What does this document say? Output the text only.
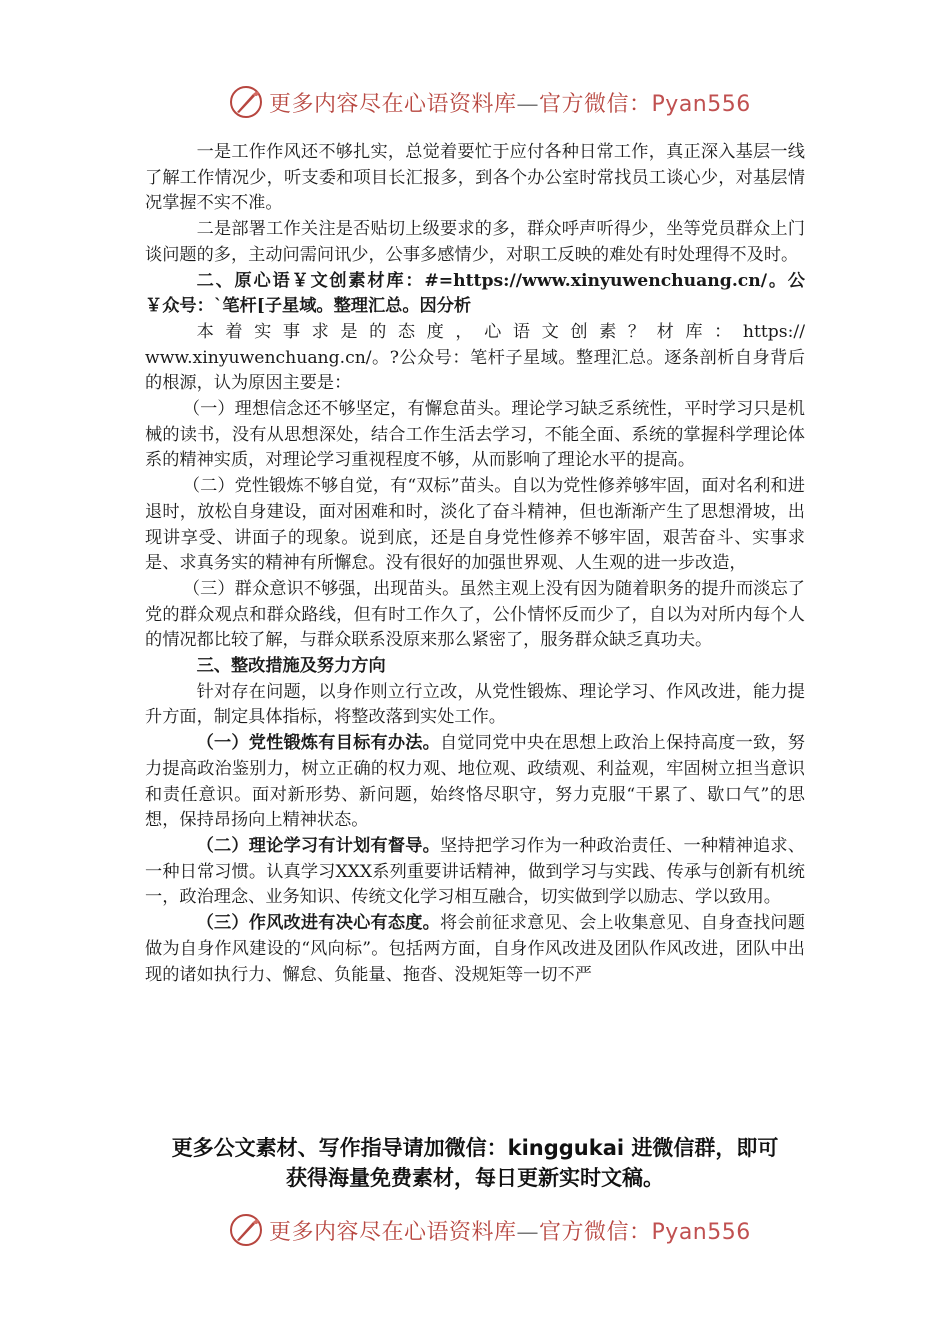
更多内容尽在心语资料库—官方微信：Pyan556

一是工作作风还不够扎实，总觉着要忙于应付各种日常工作，真正深入基层一线了解工作情况少，听支委和项目长汇报多，到各个办公室时常找员工谈心少，对基层情况掌握不实不准。

二是部署工作关注是否贴切上级要求的多，群众呼声听得少，坐等党员群众上门谈问题的多，主动问需问讯少，公事多感情少，对职工反映的难处有时处理得不及时。

二、原心语￥文创素材库：#=https://www.xinyuwenchuang.cn/。公￥众号：`笔杆[子星域。整理汇总。因分析

本着实事求是的态度，心语文创素？材库：https://

www.xinyuwenchuang.cn/。?公众号：笔杆子星域。整理汇总。逐条剖析自身背后的根源，认为原因主要是：

（一）理想信念还不够坚定，有懈怠苗头。理论学习缺乏系统性，平时学习只是机械的读书，没有从思想深处，结合工作生活去学习，不能全面、系统的掌握科学理论体系的精神实质，对理论学习重视程度不够，从而影响了理论水平的提高。

（二）党性锻炼不够自觉，有“双标”苗头。自以为党性修养够牢固，面对名利和进退时，放松自身建设，面对困难和时，淡化了奋斗精神，但也渐渐产生了思想滑坡，出现讲享受、讲面子的现象。说到底，还是自身党性修养不够牢固，艰苦奋斗、实事求是、求真务实的精神有所懈怠。没有很好的加强世界观、人生观的进一步改造，

（三）群众意识不够强，出现苗头。虽然主观上没有因为随着职务的提升而淡忘了党的群众观点和群众路线，但有时工作久了，公仆情怀反而少了，自以为对所内每个人的情况都比较了解，与群众联系没原来那么紧密了，服务群众缺乏真功夫。

三、整改措施及努力方向

针对存在问题，以身作则立行立改，从党性锻炼、理论学习、作风改进，能力提升方面，制定具体指标，将整改落到实处工作。

（一）党性锻炼有目标有办法。自觉同党中央在思想上政治上保持高度一致，努力提高政治鉴别力，树立正确的权力观、地位观、政绩观、利益观，牢固树立担当意识和责任意识。面对新形势、新问题，始终恪尽职守，努力克服“干累了、歇口气”的思想，保持昂扬向上精神状态。

（二）理论学习有计划有督导。坚持把学习作为一种政治责任、一种精神追求、一种日常习惯。认真学习XXX系列重要讲话精神，做到学习与实践、传承与创新有机统一，政治理念、业务知识、传统文化学习相互融合，切实做到学以励志、学以致用。

（三）作风改进有决心有态度。将会前征求意见、会上收集意见、自身查找问题做为自身作风建设的“风向标”。包括两方面，自身作风改进及团队作风改进，团队中出现的诸如执行力、懈怠、负能量、拖沓、没规矩等一切不严

更多公文素材、写作指导请加微信：kinggukai 进微信群，即可
获得海量免费素材，每日更新实时文稿。
更多内容尽在心语资料库—官方微信：Pyan556
